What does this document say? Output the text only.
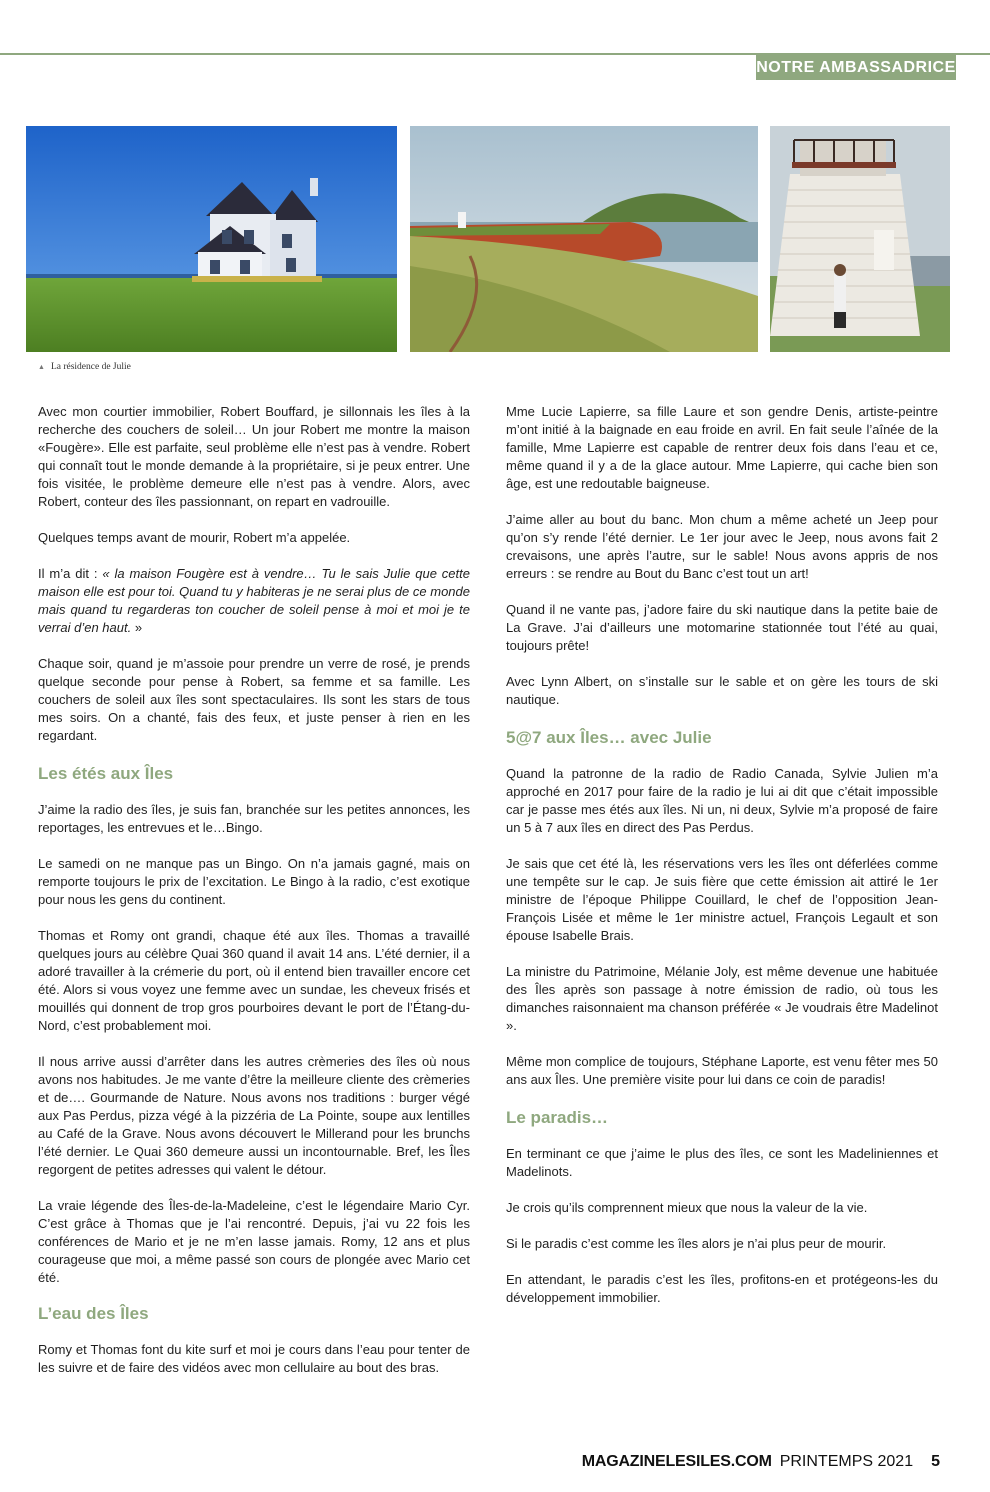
NOTRE AMBASSADRICE
▲ La résidence de Julie

Avec mon courtier immobilier, Robert Bouffard, je sillonnais les îles à la recherche des couchers de soleil… Un jour Robert me montre la maison «Fougère». Elle est parfaite, seul problème elle n’est pas à vendre. Robert qui connaît tout le monde demande à la propriétaire, si je peux entrer. Une fois visitée, le problème demeure elle n’est pas à vendre. Alors, avec Robert, conteur des îles passionnant, on repart en vadrouille.

Quelques temps avant de mourir, Robert m’a appelée.

Il m’a dit : « la maison Fougère est à vendre… Tu le sais Julie que cette maison elle est pour toi. Quand tu y habiteras je ne serai plus de ce monde mais quand tu regarderas ton coucher de soleil pense à moi et moi je te verrai d’en haut. »

Chaque soir, quand je m’assoie pour prendre un verre de rosé, je prends quelque seconde pour pense à Robert, sa femme et sa famille. Les couchers de soleil aux îles sont spectaculaires. Ils sont les stars de tous mes soirs. On a chanté, fais des feux, et juste penser à rien en les regardant.

Les étés aux Îles

J’aime la radio des îles, je suis fan, branchée sur les petites annonces, les reportages, les entrevues et le…Bingo.

Le samedi on ne manque pas un Bingo. On n’a jamais gagné, mais on remporte toujours le prix de l’excitation. Le Bingo à la radio, c’est exotique pour nous les gens du continent.

Thomas et Romy ont grandi, chaque été aux îles. Thomas a travaillé quelques jours au célèbre Quai 360 quand il avait 14 ans. L’été dernier, il a adoré travailler à la crémerie du port, où il entend bien travailler encore cet été. Alors si vous voyez une femme avec un sundae, les cheveux frisés et mouillés qui donnent de trop gros pourboires devant le port de l’Étang-du-Nord, c’est probablement moi.

Il nous arrive aussi d’arrêter dans les autres crèmeries des îles où nous avons nos habitudes. Je me vante d’être la meilleure cliente des crèmeries et de…. Gourmande de Nature. Nous avons nos traditions : burger végé aux Pas Perdus, pizza végé à la pizzéria de La Pointe, soupe aux lentilles au Café de la Grave. Nous avons découvert le Millerand pour les brunchs l’été dernier. Le Quai 360 demeure aussi un incontournable. Bref, les Îles regorgent de petites adresses qui valent le détour.

La vraie légende des Îles-de-la-Madeleine, c’est le légendaire Mario Cyr. C’est grâce à Thomas que je l’ai rencontré. Depuis, j’ai vu 22 fois les conférences de Mario et je ne m’en lasse jamais. Romy, 12 ans et plus courageuse que moi, a même passé son cours de plongée avec Mario cet été.

L’eau des Îles

Romy et Thomas font du kite surf et moi je cours dans l’eau pour tenter de les suivre et de faire des vidéos avec mon cellulaire au bout des bras.

Mme Lucie Lapierre, sa fille Laure et son gendre Denis, artiste-peintre m’ont initié à la baignade en eau froide en avril. En fait seule l’aînée de la famille, Mme Lapierre est capable de rentrer deux fois dans l’eau et ce, même quand il y a de la glace autour. Mme Lapierre, qui cache bien son âge, est une redoutable baigneuse.

J’aime aller au bout du banc. Mon chum a même acheté un Jeep pour qu’on s’y rende l’été dernier. Le 1er jour avec le Jeep, nous avons fait 2 crevaisons, une après l’autre, sur le sable! Nous avons appris de nos erreurs : se rendre au Bout du Banc c’est tout un art!

Quand il ne vante pas, j’adore faire du ski nautique dans la petite baie de La Grave. J’ai d’ailleurs une motomarine stationnée tout l’été au quai, toujours prête!

Avec Lynn Albert, on s’installe sur le sable et on gère les tours de ski nautique.

5@7 aux Îles… avec Julie

Quand la patronne de la radio de Radio Canada, Sylvie Julien m’a approché en 2017 pour faire de la radio je lui ai dit que c’était impossible car je passe mes étés aux îles. Ni un, ni deux, Sylvie m’a proposé de faire un 5 à 7 aux îles en direct des Pas Perdus.

Je sais que cet été là, les réservations vers les îles ont déferlées comme une tempête sur le cap. Je suis fière que cette émission ait attiré le 1er ministre de l’époque Philippe Couillard, le chef de l’opposition Jean-François Lisée et même le 1er ministre actuel, François Legault et son épouse Isabelle Brais.

La ministre du Patrimoine, Mélanie Joly, est même devenue une habituée des Îles après son passage à notre émission de radio, où tous les dimanches raisonnaient ma chanson préférée « Je voudrais être Madelinot ».

Même mon complice de toujours, Stéphane Laporte, est venu fêter mes 50 ans aux Îles. Une première visite pour lui dans ce coin de paradis!

Le paradis…

En terminant ce que j’aime le plus des îles, ce sont les Madeliniennes et Madelinots.

Je crois qu’ils comprennent mieux que nous la valeur de la vie.

Si le paradis c’est comme les îles alors je n’ai plus peur de mourir.

En attendant, le paradis c’est les îles, profitons-en et protégeons-les du développement immobilier.

MAGAZINELESILES.COM PRINTEMPS 2021 5
